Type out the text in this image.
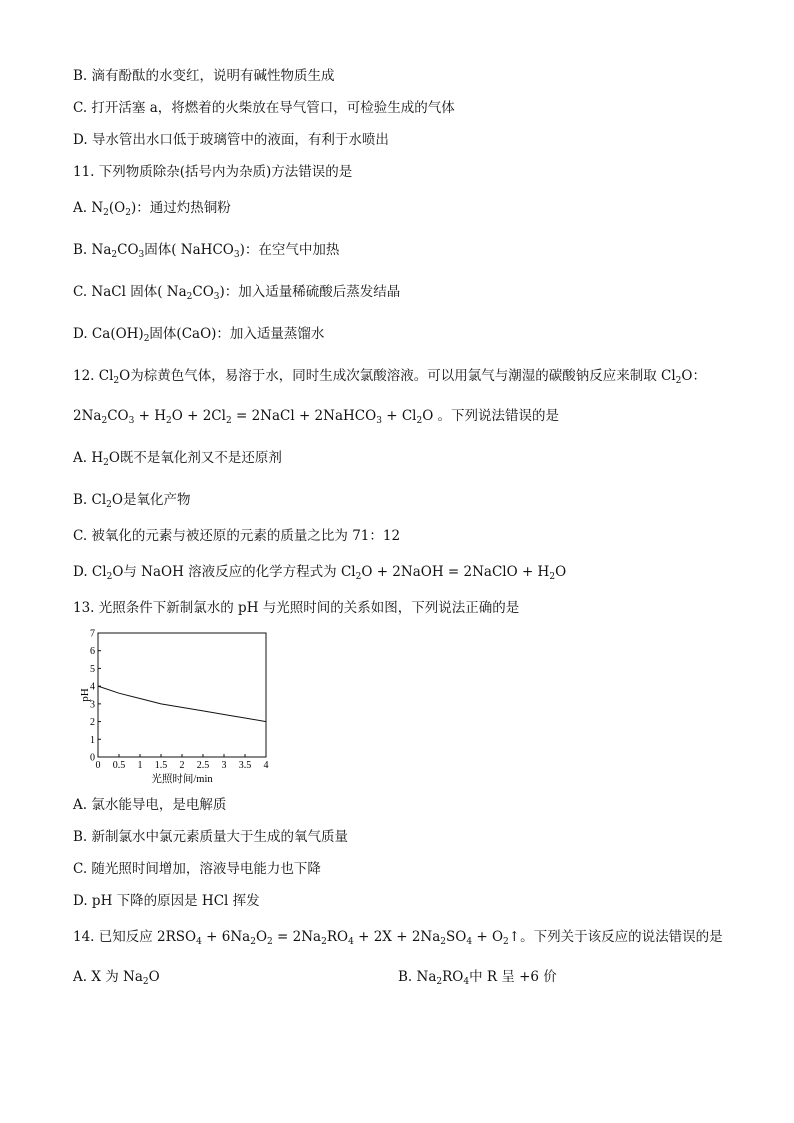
B. 滴有酚酞的水变红，说明有碱性物质生成
C. 打开活塞 a，将燃着的火柴放在导气管口，可检验生成的气体
D. 导水管出水口低于玻璃管中的液面，有利于水喷出
11. 下列物质除杂(括号内为杂质)方法错误的是
A. $N_2(O_2)$：通过灼热铜粉
B. $Na_2CO_3$固体( NaHCO$_3$)：在空气中加热
C. NaCl 固体( $Na_2CO_3$)：加入适量稀硫酸后蒸发结晶
D. $Ca(OH)_2$固体(CaO)：加入适量蒸馏水
12. $Cl_2O$为棕黄色气体，易溶于水，同时生成次氯酸溶液。可以用氯气与潮湿的碳酸钠反应来制取 $Cl_2O$：
$2Na_2CO_3 + H_2O + 2Cl_2$ = 2NaCl + 2NaHCO$_3$ + $Cl_2O$ 。下列说法错误的是
A. $H_2O$既不是氧化剂又不是还原剂
B. $Cl_2O$是氧化产物
C. 被氧化的元素与被还原的元素的质量之比为 71：12
D. $Cl_2O$与 NaOH 溶液反应的化学方程式为 $Cl_2O$ + 2NaOH = 2NaClO + $H_2O$
13. 光照条件下新制氯水的 pH 与光照时间的关系如图，下列说法正确的是
0 0.5 1 1.5 2 2.5 3 3.5 4
0
1
2
3
4
5
6
7
pH
光照时间/min
A. 氯水能导电，是电解质
B. 新制氯水中氯元素质量大于生成的氧气质量
C. 随光照时间增加，溶液导电能力也下降
D. pH 下降的原因是 HCl 挥发
14. 已知反应 $2RSO_4 + 6Na_2O_2 = 2Na_2RO_4 + 2X + 2Na_2SO_4$ + $O_2↑$。下列关于该反应的说法错误的是
A. X 为 $Na_2O$	B. $Na_2RO_4$中 R 呈 +6 价
